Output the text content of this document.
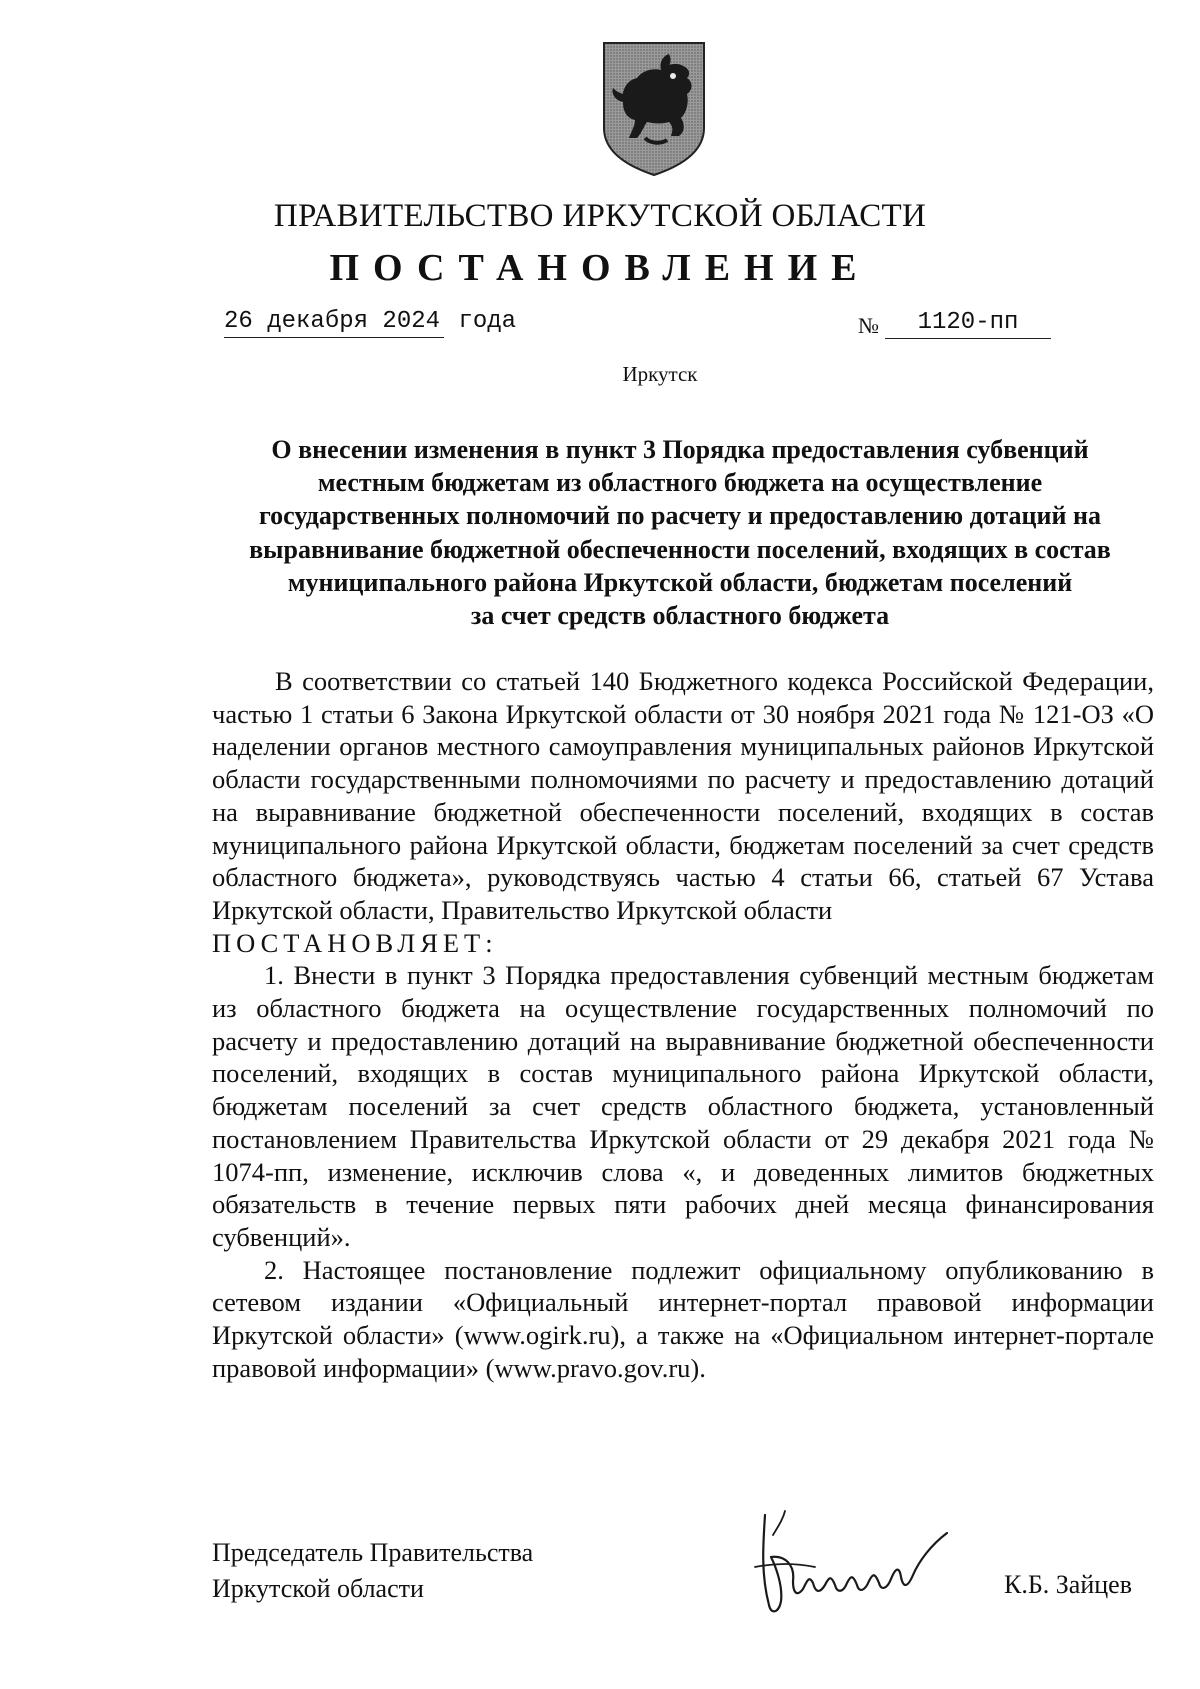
ПРАВИТЕЛЬСТВО ИРКУТСКОЙ ОБЛАСТИ
ПОСТАНОВЛЕНИЕ
26 декабря 2024 года	№ 1120-пп
Иркутск
О внесении изменения в пункт 3 Порядка предоставления субвенций
местным бюджетам из областного бюджета на осуществление
государственных полномочий по расчету и предоставлению дотаций на
выравнивание бюджетной обеспеченности поселений, входящих в состав
муниципального района Иркутской области, бюджетам поселений
за счет средств областного бюджета

В соответствии со статьей 140 Бюджетного кодекса Российской Федерации, частью 1 статьи 6 Закона Иркутской области от 30 ноября 2021 года № 121-ОЗ «О наделении органов местного самоуправления муниципальных районов Иркутской области государственными полномочиями по расчету и предоставлению дотаций на выравнивание бюджетной обеспеченности поселений, входящих в состав муниципального района Иркутской области, бюджетам поселений за счет средств областного бюджета», руководствуясь частью 4 статьи 66, статьей 67 Устава Иркутской области, Правительство Иркутской области

ПОСТАНОВЛЯЕТ:

1. Внести в пункт 3 Порядка предоставления субвенций местным бюджетам из областного бюджета на осуществление государственных полномочий по расчету и предоставлению дотаций на выравнивание бюджетной обеспеченности поселений, входящих в состав муниципального района Иркутской области, бюджетам поселений за счет средств областного бюджета, установленный постановлением Правительства Иркутской области от 29 декабря 2021 года № 1074-пп, изменение, исключив слова «, и доведенных лимитов бюджетных обязательств в течение первых пяти рабочих дней месяца финансирования субвенций».

2. Настоящее постановление подлежит официальному опубликованию в сетевом издании «Официальный интернет-портал правовой информации Иркутской области» (www.ogirk.ru), а также на «Официальном интернет-портале правовой информации» (www.pravo.gov.ru).

Председатель Правительства
Иркутской области	К.Б. Зайцев
